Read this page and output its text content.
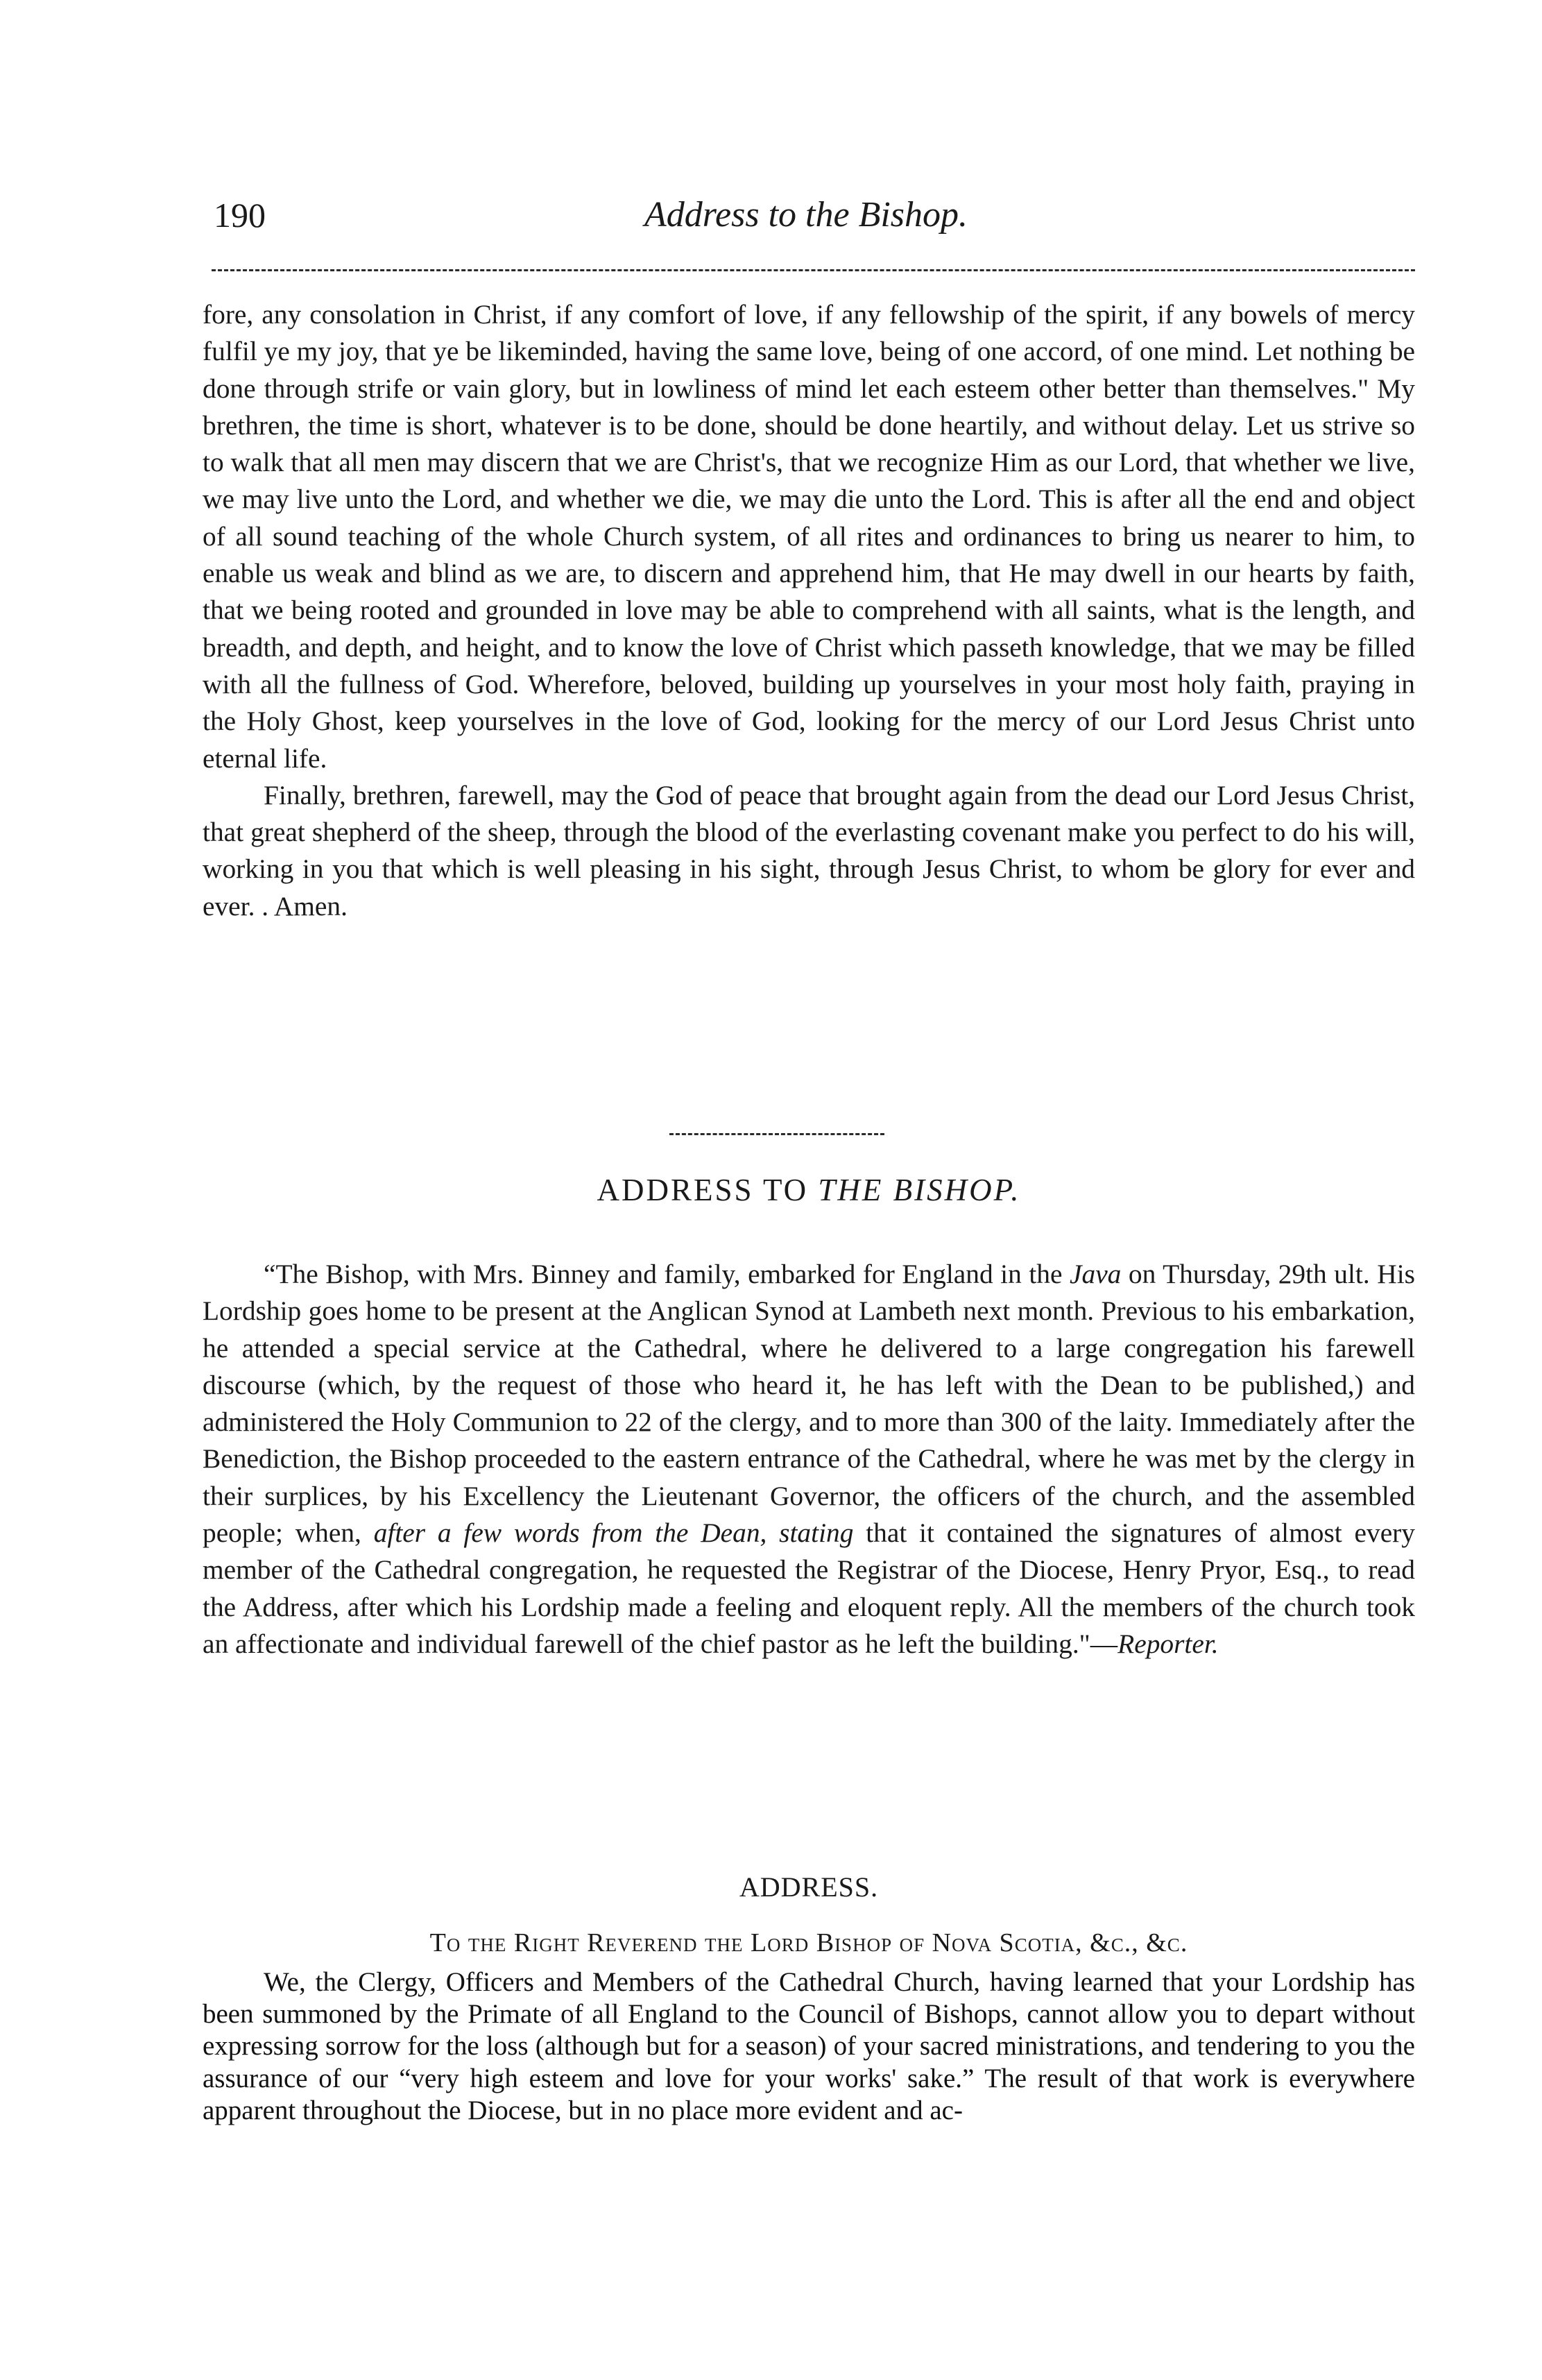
190	Address to the Bishop.

fore, any consolation in Christ, if any comfort of love, if any fellowship of the spirit, if any bowels of mercy fulfil ye my joy, that ye be likeminded, having the same love, being of one accord, of one mind. Let nothing be done through strife or vain glory, but in lowliness of mind let each esteem other better than themselves." My brethren, the time is short, whatever is to be done, should be done heartily, and without delay. Let us strive so to walk that all men may discern that we are Christ's, that we recognize Him as our Lord, that whether we live, we may live unto the Lord, and whether we die, we may die unto the Lord. This is after all the end and object of all sound teaching of the whole Church system, of all rites and ordinances to bring us nearer to him, to enable us weak and blind as we are, to discern and apprehend him, that He may dwell in our hearts by faith, that we being rooted and grounded in love may be able to comprehend with all saints, what is the length, and breadth, and depth, and height, and to know the love of Christ which passeth knowledge, that we may be filled with all the fullness of God. Wherefore, beloved, building up yourselves in your most holy faith, praying in the Holy Ghost, keep yourselves in the love of God, looking for the mercy of our Lord Jesus Christ unto eternal life.

Finally, brethren, farewell, may the God of peace that brought again from the dead our Lord Jesus Christ, that great shepherd of the sheep, through the blood of the everlasting covenant make you perfect to do his will, working in you that which is well pleasing in his sight, through Jesus Christ, to whom be glory for ever and ever. . Amen.

ADDRESS TO THE BISHOP.

“The Bishop, with Mrs. Binney and family, embarked for England in the Java on Thursday, 29th ult. His Lordship goes home to be present at the Anglican Synod at Lambeth next month. Previous to his embarkation, he attended a special service at the Cathedral, where he delivered to a large congregation his farewell discourse (which, by the request of those who heard it, he has left with the Dean to be published,) and administered the Holy Communion to 22 of the clergy, and to more than 300 of the laity. Immediately after the Benediction, the Bishop proceeded to the eastern entrance of the Cathedral, where he was met by the clergy in their surplices, by his Excellency the Lieutenant Governor, the officers of the church, and the assembled people; when, after a few words from the Dean, stating that it contained the signatures of almost every member of the Cathedral congregation, he requested the Registrar of the Diocese, Henry Pryor, Esq., to read the Address, after which his Lordship made a feeling and eloquent reply. All the members of the church took an affectionate and individual farewell of the chief pastor as he left the building."—Reporter.

ADDRESS.
To the Right Reverend the Lord Bishop of Nova Scotia, &c., &c.

We, the Clergy, Officers and Members of the Cathedral Church, having learned that your Lordship has been summoned by the Primate of all England to the Council of Bishops, cannot allow you to depart without expressing sorrow for the loss (although but for a season) of your sacred ministrations, and tendering to you the assurance of our “very high esteem and love for your works' sake.” The result of that work is everywhere apparent throughout the Diocese, but in no place more evident and ac-
